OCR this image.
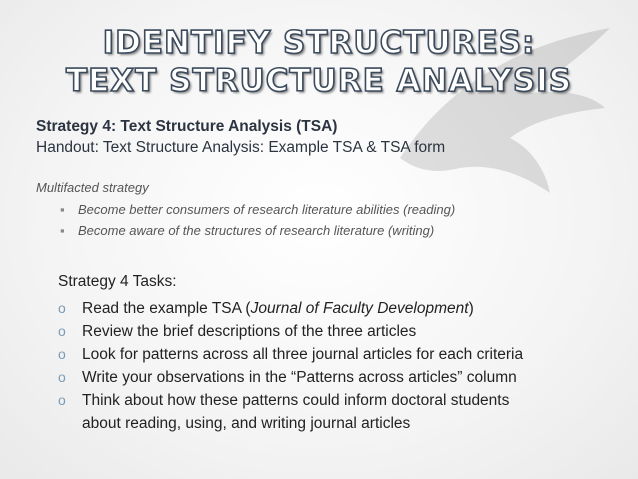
IDENTIFY STRUCTURES:
TEXT STRUCTURE ANALYSIS

Strategy 4: Text Structure Analysis (TSA)

Handout: Text Structure Analysis: Example TSA & TSA form

Multifacted strategy

▪ Become better consumers of research literature abilities (reading)
▪ Become aware of the structures of research literature (writing)

Strategy 4 Tasks:

o Read the example TSA (Journal of Faculty Development)
o Review the brief descriptions of the three articles
o Look for patterns across all three journal articles for each criteria
o Write your observations in the “Patterns across articles” column
o Think about how these patterns could inform doctoral students
about reading, using, and writing journal articles
